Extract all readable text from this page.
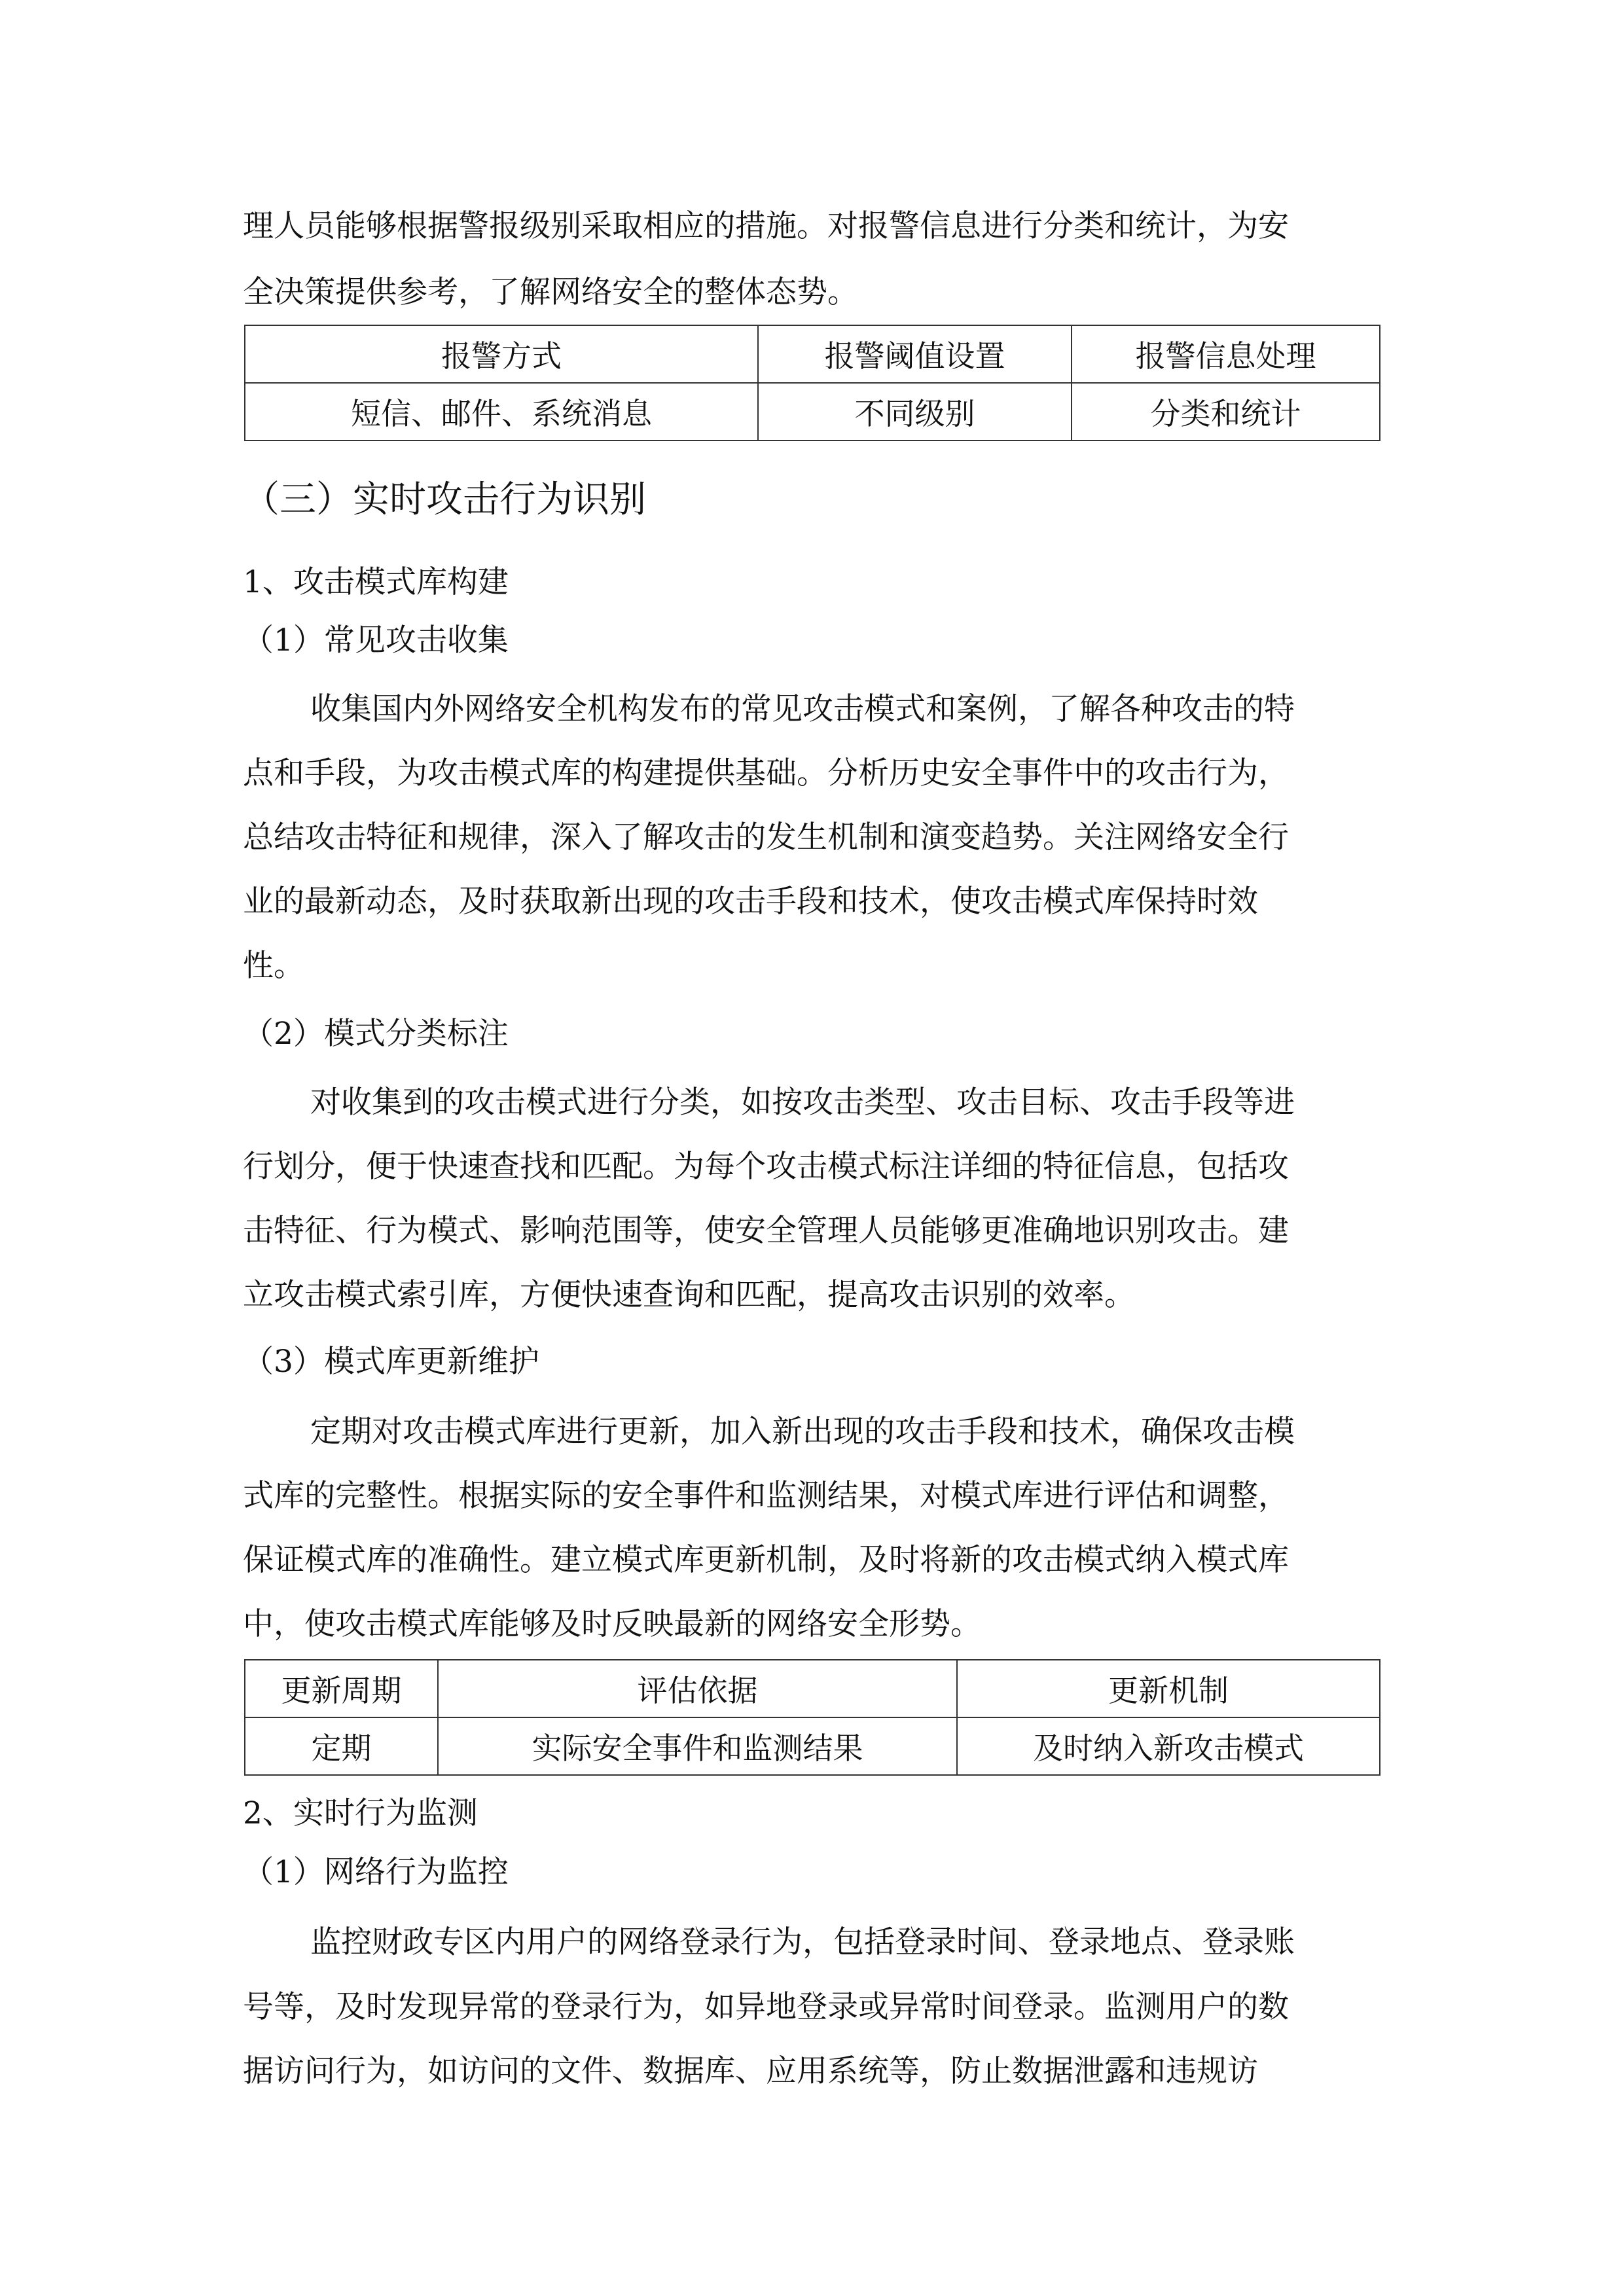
理人员能够根据警报级别采取相应的措施。对报警信息进行分类和统计，为安
全决策提供参考，了解网络安全的整体态势。
报警方式	报警阈值设置	报警信息处理
短信、邮件、系统消息	不同级别	分类和统计
（三）实时攻击行为识别
1、攻击模式库构建
（1）常见攻击收集
收集国内外网络安全机构发布的常见攻击模式和案例，了解各种攻击的特
点和手段，为攻击模式库的构建提供基础。分析历史安全事件中的攻击行为，
总结攻击特征和规律，深入了解攻击的发生机制和演变趋势。关注网络安全行
业的最新动态，及时获取新出现的攻击手段和技术，使攻击模式库保持时效
性。
（2）模式分类标注
对收集到的攻击模式进行分类，如按攻击类型、攻击目标、攻击手段等进
行划分，便于快速查找和匹配。为每个攻击模式标注详细的特征信息，包括攻
击特征、行为模式、影响范围等，使安全管理人员能够更准确地识别攻击。建
立攻击模式索引库，方便快速查询和匹配，提高攻击识别的效率。
（3）模式库更新维护
定期对攻击模式库进行更新，加入新出现的攻击手段和技术，确保攻击模
式库的完整性。根据实际的安全事件和监测结果，对模式库进行评估和调整，
保证模式库的准确性。建立模式库更新机制，及时将新的攻击模式纳入模式库
中，使攻击模式库能够及时反映最新的网络安全形势。
更新周期	评估依据	更新机制
定期	实际安全事件和监测结果	及时纳入新攻击模式
2、实时行为监测
（1）网络行为监控
监控财政专区内用户的网络登录行为，包括登录时间、登录地点、登录账
号等，及时发现异常的登录行为，如异地登录或异常时间登录。监测用户的数
据访问行为，如访问的文件、数据库、应用系统等，防止数据泄露和违规访
